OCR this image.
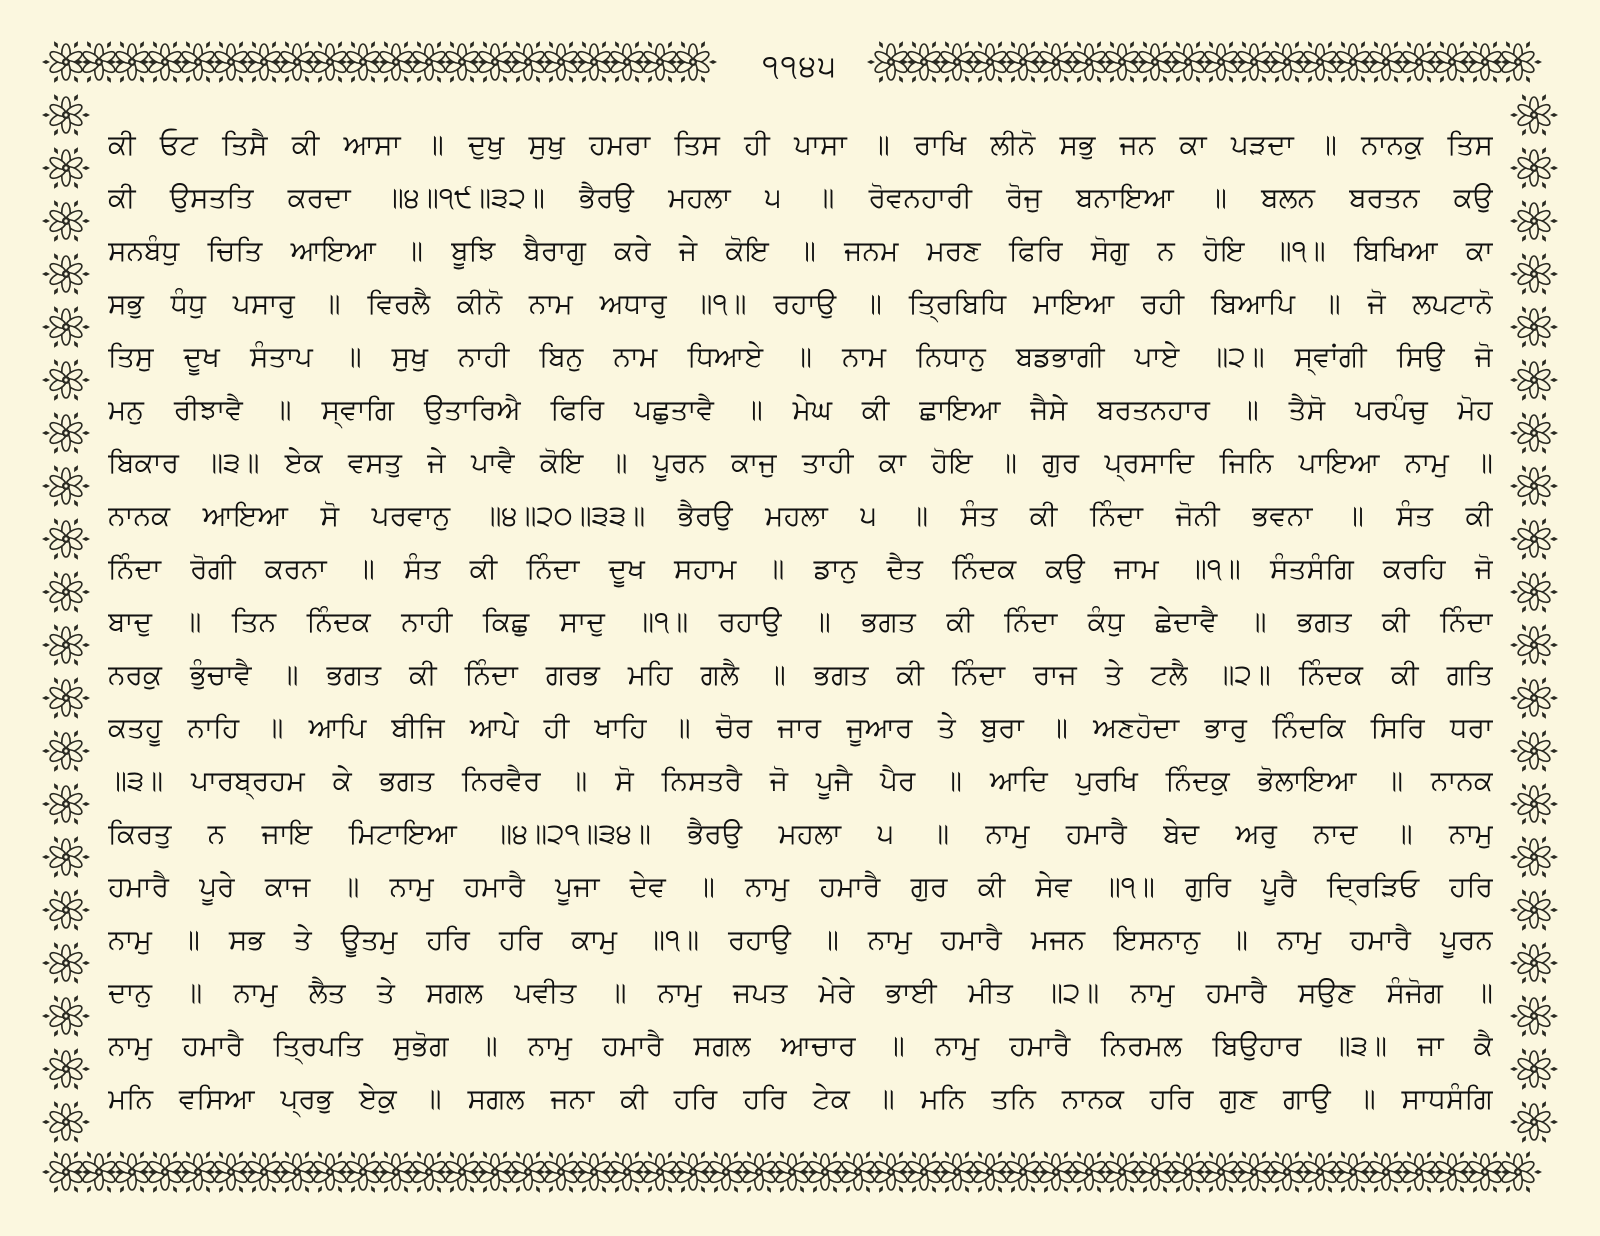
੧੧੪੫
ਕੀ ਓਟ ਤਿਸੈ ਕੀ ਆਸਾ ॥ ਦੁਖੁ ਸੁਖੁ ਹਮਰਾ ਤਿਸ ਹੀ ਪਾਸਾ ॥ ਰਾਖਿ ਲੀਨੋ ਸਭੁ ਜਨ ਕਾ ਪੜਦਾ ॥ ਨਾਨਕੁ ਤਿਸ
ਕੀ ਉਸਤਤਿ ਕਰਦਾ ॥੪॥੧੯॥੩੨॥ ਭੈਰਉ ਮਹਲਾ ੫ ॥ ਰੋਵਨਹਾਰੀ ਰੋਜੁ ਬਨਾਇਆ ॥ ਬਲਨ ਬਰਤਨ ਕਉ
ਸਨਬੰਧੁ ਚਿਤਿ ਆਇਆ ॥ ਬੂਝਿ ਬੈਰਾਗੁ ਕਰੇ ਜੇ ਕੋਇ ॥ ਜਨਮ ਮਰਣ ਫਿਰਿ ਸੋਗੁ ਨ ਹੋਇ ॥੧॥ ਬਿਖਿਆ ਕਾ
ਸਭੁ ਧੰਧੁ ਪਸਾਰੁ ॥ ਵਿਰਲੈ ਕੀਨੋ ਨਾਮ ਅਧਾਰੁ ॥੧॥ ਰਹਾਉ ॥ ਤ੍ਰਿਬਿਧਿ ਮਾਇਆ ਰਹੀ ਬਿਆਪਿ ॥ ਜੋ ਲਪਟਾਨੋ
ਤਿਸੁ ਦੂਖ ਸੰਤਾਪ ॥ ਸੁਖੁ ਨਾਹੀ ਬਿਨੁ ਨਾਮ ਧਿਆਏ ॥ ਨਾਮ ਨਿਧਾਨੁ ਬਡਭਾਗੀ ਪਾਏ ॥੨॥ ਸ੍ਵਾਂਗੀ ਸਿਉ ਜੋ
ਮਨੁ ਰੀਝਾਵੈ ॥ ਸ੍ਵਾਗਿ ਉਤਾਰਿਐ ਫਿਰਿ ਪਛੁਤਾਵੈ ॥ ਮੇਘ ਕੀ ਛਾਇਆ ਜੈਸੇ ਬਰਤਨਹਾਰ ॥ ਤੈਸੋ ਪਰਪੰਚੁ ਮੋਹ
ਬਿਕਾਰ ॥੩॥ ਏਕ ਵਸਤੁ ਜੇ ਪਾਵੈ ਕੋਇ ॥ ਪੂਰਨ ਕਾਜੁ ਤਾਹੀ ਕਾ ਹੋਇ ॥ ਗੁਰ ਪ੍ਰਸਾਦਿ ਜਿਨਿ ਪਾਇਆ ਨਾਮੁ ॥
ਨਾਨਕ ਆਇਆ ਸੋ ਪਰਵਾਨੁ ॥੪॥੨੦॥੩੩॥ ਭੈਰਉ ਮਹਲਾ ੫ ॥ ਸੰਤ ਕੀ ਨਿੰਦਾ ਜੋਨੀ ਭਵਨਾ ॥ ਸੰਤ ਕੀ
ਨਿੰਦਾ ਰੋਗੀ ਕਰਨਾ ॥ ਸੰਤ ਕੀ ਨਿੰਦਾ ਦੂਖ ਸਹਾਮ ॥ ਡਾਨੁ ਦੈਤ ਨਿੰਦਕ ਕਉ ਜਾਮ ॥੧॥ ਸੰਤਸੰਗਿ ਕਰਹਿ ਜੋ
ਬਾਦੁ ॥ ਤਿਨ ਨਿੰਦਕ ਨਾਹੀ ਕਿਛੁ ਸਾਦੁ ॥੧॥ ਰਹਾਉ ॥ ਭਗਤ ਕੀ ਨਿੰਦਾ ਕੰਧੁ ਛੇਦਾਵੈ ॥ ਭਗਤ ਕੀ ਨਿੰਦਾ
ਨਰਕੁ ਭੁੰਚਾਵੈ ॥ ਭਗਤ ਕੀ ਨਿੰਦਾ ਗਰਭ ਮਹਿ ਗਲੈ ॥ ਭਗਤ ਕੀ ਨਿੰਦਾ ਰਾਜ ਤੇ ਟਲੈ ॥੨॥ ਨਿੰਦਕ ਕੀ ਗਤਿ
ਕਤਹੂ ਨਾਹਿ ॥ ਆਪਿ ਬੀਜਿ ਆਪੇ ਹੀ ਖਾਹਿ ॥ ਚੋਰ ਜਾਰ ਜੂਆਰ ਤੇ ਬੁਰਾ ॥ ਅਣਹੋਦਾ ਭਾਰੁ ਨਿੰਦਕਿ ਸਿਰਿ ਧਰਾ
॥੩॥ ਪਾਰਬ੍ਰਹਮ ਕੇ ਭਗਤ ਨਿਰਵੈਰ ॥ ਸੋ ਨਿਸਤਰੈ ਜੋ ਪੂਜੈ ਪੈਰ ॥ ਆਦਿ ਪੁਰਖਿ ਨਿੰਦਕੁ ਭੋਲਾਇਆ ॥ ਨਾਨਕ
ਕਿਰਤੁ ਨ ਜਾਇ ਮਿਟਾਇਆ ॥੪॥੨੧॥੩੪॥ ਭੈਰਉ ਮਹਲਾ ੫ ॥ ਨਾਮੁ ਹਮਾਰੈ ਬੇਦ ਅਰੁ ਨਾਦ ॥ ਨਾਮੁ
ਹਮਾਰੈ ਪੂਰੇ ਕਾਜ ॥ ਨਾਮੁ ਹਮਾਰੈ ਪੂਜਾ ਦੇਵ ॥ ਨਾਮੁ ਹਮਾਰੈ ਗੁਰ ਕੀ ਸੇਵ ॥੧॥ ਗੁਰਿ ਪੂਰੈ ਦ੍ਰਿੜਿਓ ਹਰਿ
ਨਾਮੁ ॥ ਸਭ ਤੇ ਊਤਮੁ ਹਰਿ ਹਰਿ ਕਾਮੁ ॥੧॥ ਰਹਾਉ ॥ ਨਾਮੁ ਹਮਾਰੈ ਮਜਨ ਇਸਨਾਨੁ ॥ ਨਾਮੁ ਹਮਾਰੈ ਪੂਰਨ
ਦਾਨੁ ॥ ਨਾਮੁ ਲੈਤ ਤੇ ਸਗਲ ਪਵੀਤ ॥ ਨਾਮੁ ਜਪਤ ਮੇਰੇ ਭਾਈ ਮੀਤ ॥੨॥ ਨਾਮੁ ਹਮਾਰੈ ਸਉਣ ਸੰਜੋਗ ॥
ਨਾਮੁ ਹਮਾਰੈ ਤ੍ਰਿਪਤਿ ਸੁਭੋਗ ॥ ਨਾਮੁ ਹਮਾਰੈ ਸਗਲ ਆਚਾਰ ॥ ਨਾਮੁ ਹਮਾਰੈ ਨਿਰਮਲ ਬਿਉਹਾਰ ॥੩॥ ਜਾ ਕੈ
ਮਨਿ ਵਸਿਆ ਪ੍ਰਭੁ ਏਕੁ ॥ ਸਗਲ ਜਨਾ ਕੀ ਹਰਿ ਹਰਿ ਟੇਕ ॥ ਮਨਿ ਤਨਿ ਨਾਨਕ ਹਰਿ ਗੁਣ ਗਾਉ ॥ ਸਾਧਸੰਗਿ
